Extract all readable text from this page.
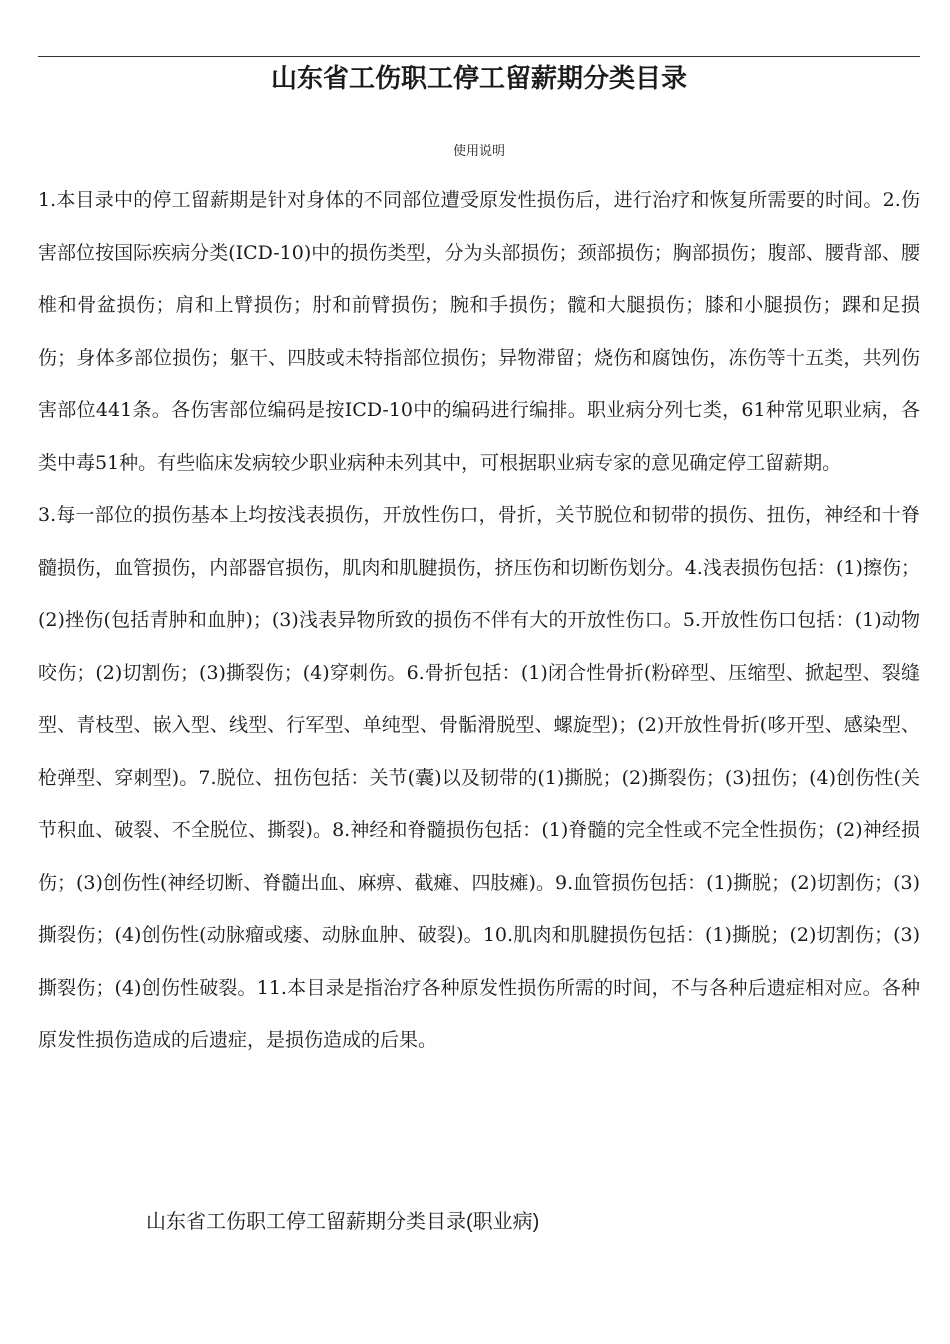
山东省工伤职工停工留薪期分类目录
使用说明

1.本目录中的停工留薪期是针对身体的不同部位遭受原发性损伤后，进行治疗和恢复所需要的时间。2.伤害部位按国际疾病分类(ICD-10)中的损伤类型，分为头部损伤；颈部损伤；胸部损伤；腹部、腰背部、腰椎和骨盆损伤；肩和上臂损伤；肘和前臂损伤；腕和手损伤；髋和大腿损伤；膝和小腿损伤；踝和足损伤；身体多部位损伤；躯干、四肢或未特指部位损伤；异物滞留；烧伤和腐蚀伤，冻伤等十五类，共列伤害部位441条。各伤害部位编码是按ICD-10中的编码进行编排。职业病分列七类，61种常见职业病，各类中毒51种。有些临床发病较少职业病种未列其中，可根据职业病专家的意见确定停工留薪期。

3.每一部位的损伤基本上均按浅表损伤，开放性伤口，骨折，关节脱位和韧带的损伤、扭伤，神经和十脊髓损伤，血管损伤，内部器官损伤，肌肉和肌腱损伤，挤压伤和切断伤划分。4.浅表损伤包括：(1)擦伤；(2)挫伤(包括青肿和血肿)；(3)浅表异物所致的损伤不伴有大的开放性伤口。5.开放性伤口包括：(1)动物咬伤；(2)切割伤；(3)撕裂伤；(4)穿刺伤。6.骨折包括：(1)闭合性骨折(粉碎型、压缩型、掀起型、裂缝型、青枝型、嵌入型、线型、行军型、单纯型、骨骺滑脱型、螺旋型)；(2)开放性骨折(哆开型、感染型、枪弹型、穿刺型)。7.脱位、扭伤包括：关节(囊)以及韧带的(1)撕脱；(2)撕裂伤；(3)扭伤；(4)创伤性(关节积血、破裂、不全脱位、撕裂)。8.神经和脊髓损伤包括：(1)脊髓的完全性或不完全性损伤；(2)神经损伤；(3)创伤性(神经切断、脊髓出血、麻痹、截瘫、四肢瘫)。9.血管损伤包括：(1)撕脱；(2)切割伤；(3)撕裂伤；(4)创伤性(动脉瘤或瘘、动脉血肿、破裂)。10.肌肉和肌腱损伤包括：(1)撕脱；(2)切割伤；(3)撕裂伤；(4)创伤性破裂。11.本目录是指治疗各种原发性损伤所需的时间，不与各种后遗症相对应。各种原发性损伤造成的后遗症，是损伤造成的后果。

山东省工伤职工停工留薪期分类目录(职业病)
